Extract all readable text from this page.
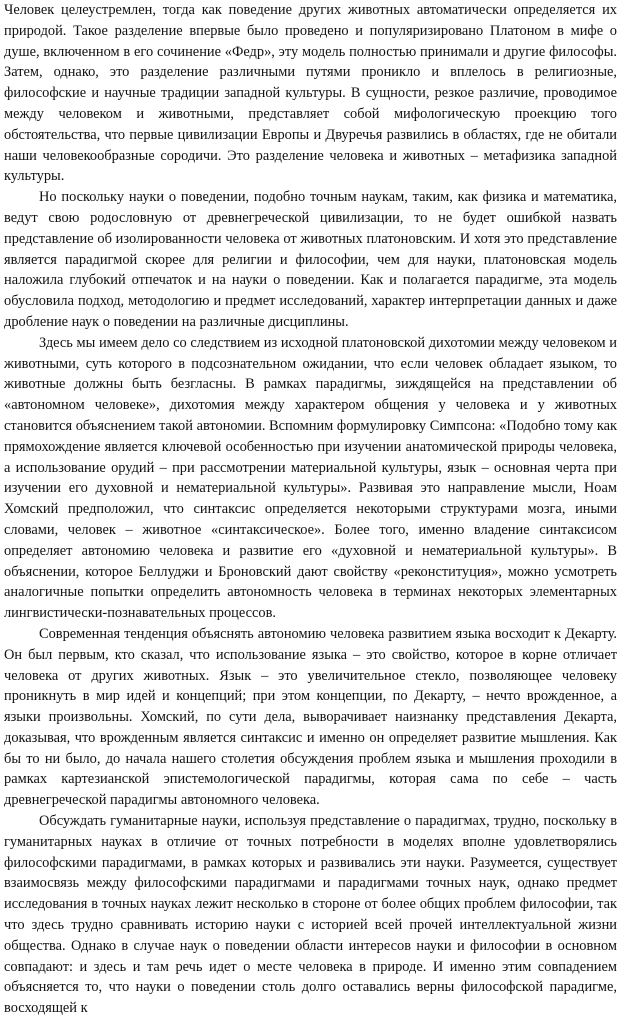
Человек целеустремлен, тогда как поведение других животных автоматически определяется их природой. Такое разделение впервые было проведено и популяризировано Платоном в мифе о душе, включенном в его сочинение «Федр», эту модель полностью принимали и другие философы. Затем, однако, это разделение различными путями проникло и вплелось в религиозные, философские и научные традиции западной культуры. В сущности, резкое различие, проводимое между человеком и животными, представляет собой мифологическую проекцию того обстоятельства, что первые цивилизации Европы и Двуречья развились в областях, где не обитали наши человекообразные сородичи. Это разделение человека и животных – метафизика западной культуры.

Но поскольку науки о поведении, подобно точным наукам, таким, как физика и математика, ведут свою родословную от древнегреческой цивилизации, то не будет ошибкой назвать представление об изолированности человека от животных платоновским. И хотя это представление является парадигмой скорее для религии и философии, чем для науки, платоновская модель наложила глубокий отпечаток и на науки о поведении. Как и полагается парадигме, эта модель обусловила подход, методологию и предмет исследований, характер интерпретации данных и даже дробление наук о поведении на различные дисциплины.

Здесь мы имеем дело со следствием из исходной платоновской дихотомии между человеком и животными, суть которого в подсознательном ожидании, что если человек обладает языком, то животные должны быть безгласны. В рамках парадигмы, зиждящейся на представлении об «автономном человеке», дихотомия между характером общения у человека и у животных становится объяснением такой автономии. Вспомним формулировку Симпсона: «Подобно тому как прямохождение является ключевой особенностью при изучении анатомической природы человека, а использование орудий – при рассмотрении материальной культуры, язык – основная черта при изучении его духовной и нематериальной культуры». Развивая это направление мысли, Ноам Хомский предположил, что синтаксис определяется некоторыми структурами мозга, иными словами, человек – животное «синтаксическое». Более того, именно владение синтаксисом определяет автономию человека и развитие его «духовной и нематериальной культуры». В объяснении, которое Беллуджи и Броновский дают свойству «реконституция», можно усмотреть аналогичные попытки определить автономность человека в терминах некоторых элементарных лингвистически-познавательных процессов.

Современная тенденция объяснять автономию человека развитием языка восходит к Декарту. Он был первым, кто сказал, что использование языка – это свойство, которое в корне отличает человека от других животных. Язык – это увеличительное стекло, позволяющее человеку проникнуть в мир идей и концепций; при этом концепции, по Декарту, – нечто врожденное, а языки произвольны. Хомский, по сути дела, выворачивает наизнанку представления Декарта, доказывая, что врожденным является синтаксис и именно он определяет развитие мышления. Как бы то ни было, до начала нашего столетия обсуждения проблем языка и мышления проходили в рамках картезианской эпистемологической парадигмы, которая сама по себе – часть древнегреческой парадигмы автономного человека.

Обсуждать гуманитарные науки, используя представление о парадигмах, трудно, поскольку в гуманитарных науках в отличие от точных потребности в моделях вполне удовлетворялись философскими парадигмами, в рамках которых и развивались эти науки. Разумеется, существует взаимосвязь между философскими парадигмами и парадигмами точных наук, однако предмет исследования в точных науках лежит несколько в стороне от более общих проблем философии, так что здесь трудно сравнивать историю науки с историей всей прочей интеллектуальной жизни общества. Однако в случае наук о поведении области интересов науки и философии в основном совпадают: и здесь и там речь идет о месте человека в природе. И именно этим совпадением объясняется то, что науки о поведении столь долго оставались верны философской парадигме, восходящей к
